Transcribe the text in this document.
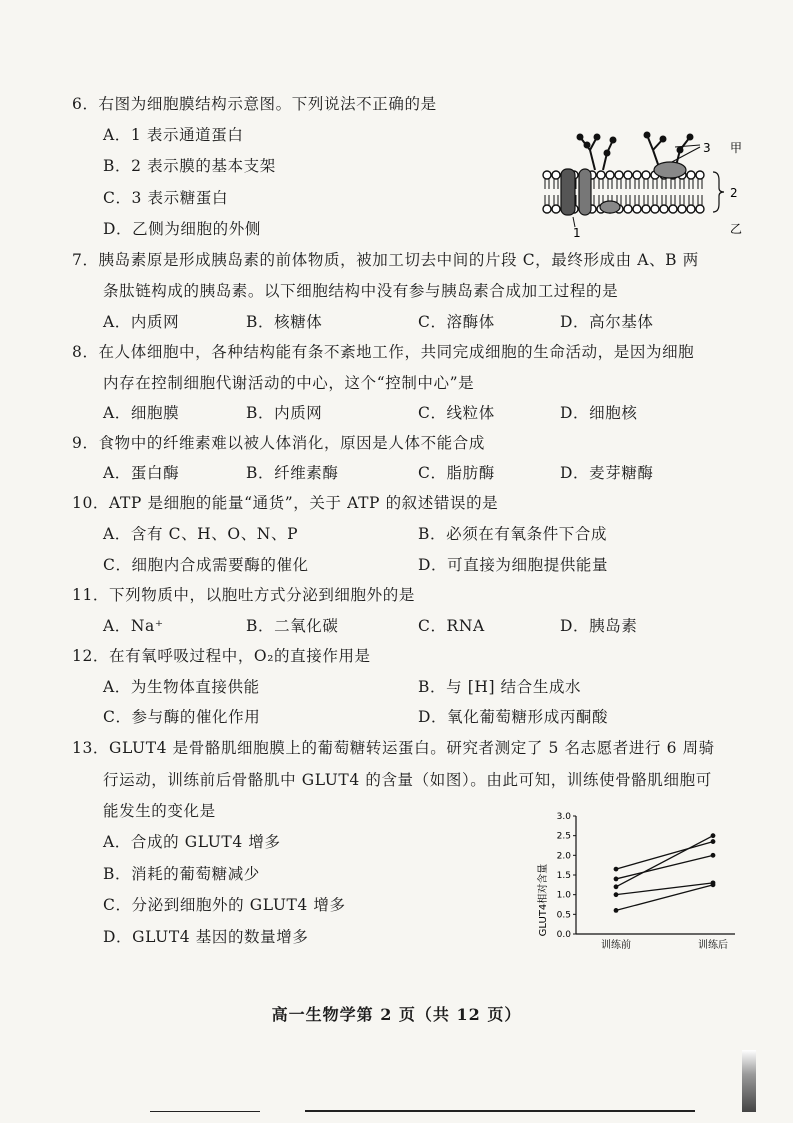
6．右图为细胞膜结构示意图。下列说法不正确的是
A．1 表示通道蛋白
B．2 表示膜的基本支架
C．3 表示糖蛋白
D．乙侧为细胞的外侧	1
3 甲
2
乙
7．胰岛素原是形成胰岛素的前体物质，被加工切去中间的片段 C，最终形成由 A、B 两
条肽链构成的胰岛素。以下细胞结构中没有参与胰岛素合成加工过程的是
A．内质网	B．核糖体	C．溶酶体	D．高尔基体
8．在人体细胞中，各种结构能有条不紊地工作，共同完成细胞的生命活动，是因为细胞
内存在控制细胞代谢活动的中心，这个“控制中心”是
A．细胞膜	B．内质网	C．线粒体	D．细胞核
9．食物中的纤维素难以被人体消化，原因是人体不能合成
A．蛋白酶	B．纤维素酶	C．脂肪酶	D．麦芽糖酶
10．ATP 是细胞的能量“通货”，关于 ATP 的叙述错误的是
A．含有 C、H、O、N、P	B．必须在有氧条件下合成
C．细胞内合成需要酶的催化	D．可直接为细胞提供能量
11．下列物质中，以胞吐方式分泌到细胞外的是
A．Na⁺	B．二氧化碳	C．RNA	D．胰岛素
12．在有氧呼吸过程中，O₂的直接作用是
A．为生物体直接供能	B．与 [H] 结合生成水
C．参与酶的催化作用	D．氧化葡萄糖形成丙酮酸
13．GLUT4 是骨骼肌细胞膜上的葡萄糖转运蛋白。研究者测定了 5 名志愿者进行 6 周骑
行运动，训练前后骨骼肌中 GLUT4 的含量（如图）。由此可知，训练使骨骼肌细胞可
能发生的变化是
A．合成的 GLUT4 增多
B．消耗的葡萄糖减少
C．分泌到细胞外的 GLUT4 增多
D．GLUT4 基因的数量增多
GLUT4相对含量 0.0
0.5
1.0
1.5
2.0
2.5
3.0
训练前	训练后
高一生物学第 2 页（共 12 页）
